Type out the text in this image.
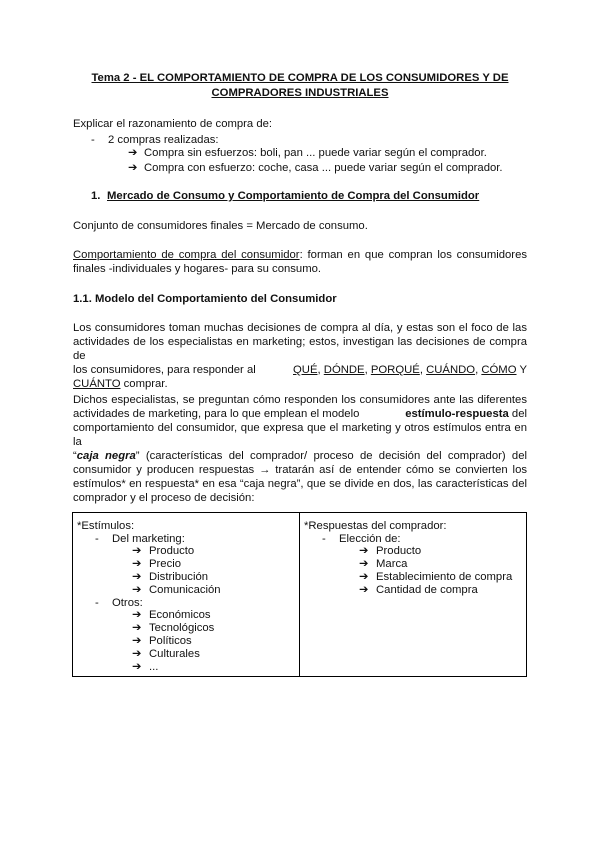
Tema 2 - EL COMPORTAMIENTO DE COMPRA DE LOS CONSUMIDORES Y DE
COMPRADORES INDUSTRIALES
Explicar el razonamiento de compra de:
- 2 compras realizadas:
➔ Compra sin esfuerzos: boli, pan ... puede variar según el comprador.
➔ Compra con esfuerzo: coche, casa ... puede variar según el comprador.
1. Mercado de Consumo y Comportamiento de Compra del Consumidor
Conjunto de consumidores finales = Mercado de consumo.
Comportamiento de compra del consumidor: forman en que compran los consumidores
finales -individuales y hogares- para su consumo.
1.1. Modelo del Comportamiento del Consumidor
Los consumidores toman muchas decisiones de compra al día, y estas son el foco de las
actividades de los especialistas en marketing; estos, investigan las decisiones de compra de
los consumidores, para responder al	QUÉ, DÓNDE, PORQUÉ, CUÁNDO, CÓMO Y
CUÁNTO comprar.
Dichos especialistas, se preguntan cómo responden los consumidores ante las diferentes
actividades de marketing, para lo que emplean el modelo	estímulo-respuesta del
comportamiento del consumidor, que expresa que el marketing y otros estímulos entra en la
“caja negra” (características del comprador/ proceso de decisión del comprador) del
consumidor y producen respuestas → tratarán así de entender cómo se convierten los
estímulos* en respuesta* en esa “caja negra”, que se divide en dos, las características del
comprador y el proceso de decisión:
*Estímulos:
- Del marketing:
➔ Producto
➔ Precio
➔ Distribución
➔ Comunicación
- Otros:
➔ Económicos
➔ Tecnológicos
➔ Políticos
➔ Culturales
➔ ...
*Respuestas del comprador:
- Elección de:
➔ Producto
➔ Marca
➔ Establecimiento de compra
➔ Cantidad de compra
